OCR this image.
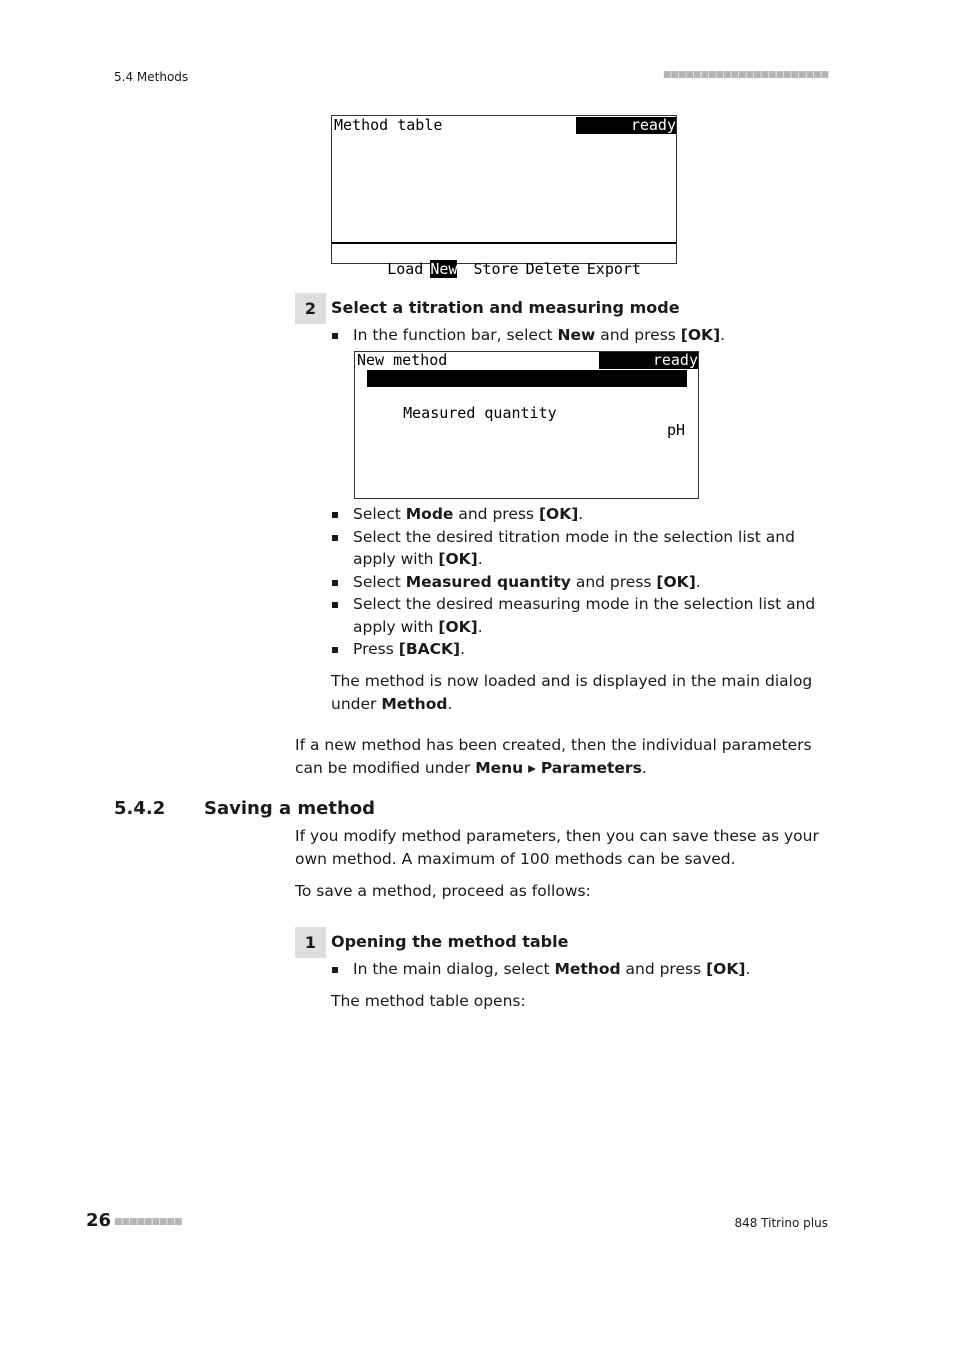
5.4 Methods	■■■■■■■■■■■■■■■■■■■■■■
Method table	ready

Load New Store Delete Export

2 Select a titration and measuring mode
In the function bar, select New and press [OK].
New method	ready

Mode

MET

Measured quantity

pH

Select Mode and press [OK].
Select the desired titration mode in the selection list and apply with [OK].
Select Measured quantity and press [OK].
Select the desired measuring mode in the selection list and apply with [OK].
Press [BACK].
The method is now loaded and is displayed in the main dialog under Method.
If a new method has been created, then the individual parameters can be modified under Menu ▸ Parameters.
5.4.2 Saving a method
If you modify method parameters, then you can save these as your own method. A maximum of 100 methods can be saved.
To save a method, proceed as follows:
1 Opening the method table
In the main dialog, select Method and press [OK].
The method table opens:
26 ■■■■■■■■■	848 Titrino plus
